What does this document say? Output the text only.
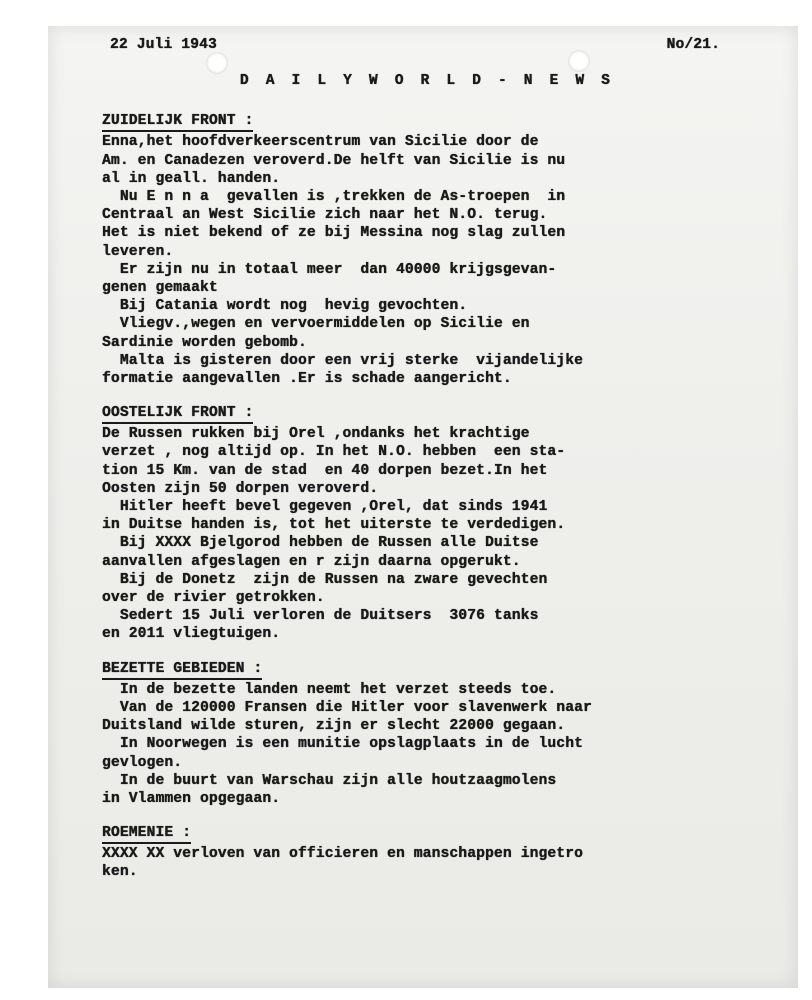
22 Juli 1943	No/21.
D A I L Y W O R L D - N E W S
ZUIDELIJK FRONT :
Enna,het hoofdverkeerscentrum van Sicilie door de
Am. en Canadezen veroverd.De helft van Sicilie is nu
al in geall. handen.
Nu E n n a  gevallen is ,trekken de As-troepen  in
Centraal an West Sicilie zich naar het N.O. terug.
Het is niet bekend of ze bij Messina nog slag zullen
leveren.
Er zijn nu in totaal meer  dan 40000 krijgsgevan-
genen gemaakt
Bij Catania wordt nog  hevig gevochten.
Vliegv.,wegen en vervoermiddelen op Sicilie en
Sardinie worden gebomb.
Malta is gisteren door een vrij sterke  vijandelijke
formatie aangevallen .Er is schade aangericht.
OOSTELIJK FRONT :
De Russen rukken bij Orel ,ondanks het krachtige
verzet , nog altijd op. In het N.O. hebben  een sta-
tion 15 Km. van de stad  en 40 dorpen bezet.In het
Oosten zijn 50 dorpen veroverd.
Hitler heeft bevel gegeven ,Orel, dat sinds 1941
in Duitse handen is, tot het uiterste te verdedigen.
Bij XXXX Bjelgorod hebben de Russen alle Duitse
aanvallen afgeslagen en r zijn daarna opgerukt.
Bij de Donetz  zijn de Russen na zware gevechten
over de rivier getrokken.
Sedert 15 Juli verloren de Duitsers  3076 tanks
en 2011 vliegtuigen.
BEZETTE GEBIEDEN :
In de bezette landen neemt het verzet steeds toe.
Van de 120000 Fransen die Hitler voor slavenwerk naar
Duitsland wilde sturen, zijn er slecht 22000 gegaan.
In Noorwegen is een munitie opslagplaats in de lucht
gevlogen.
In de buurt van Warschau zijn alle houtzaagmolens
in Vlammen opgegaan.
ROEMENIE :
XXXX XX verloven van officieren en manschappen ingetro
ken.
